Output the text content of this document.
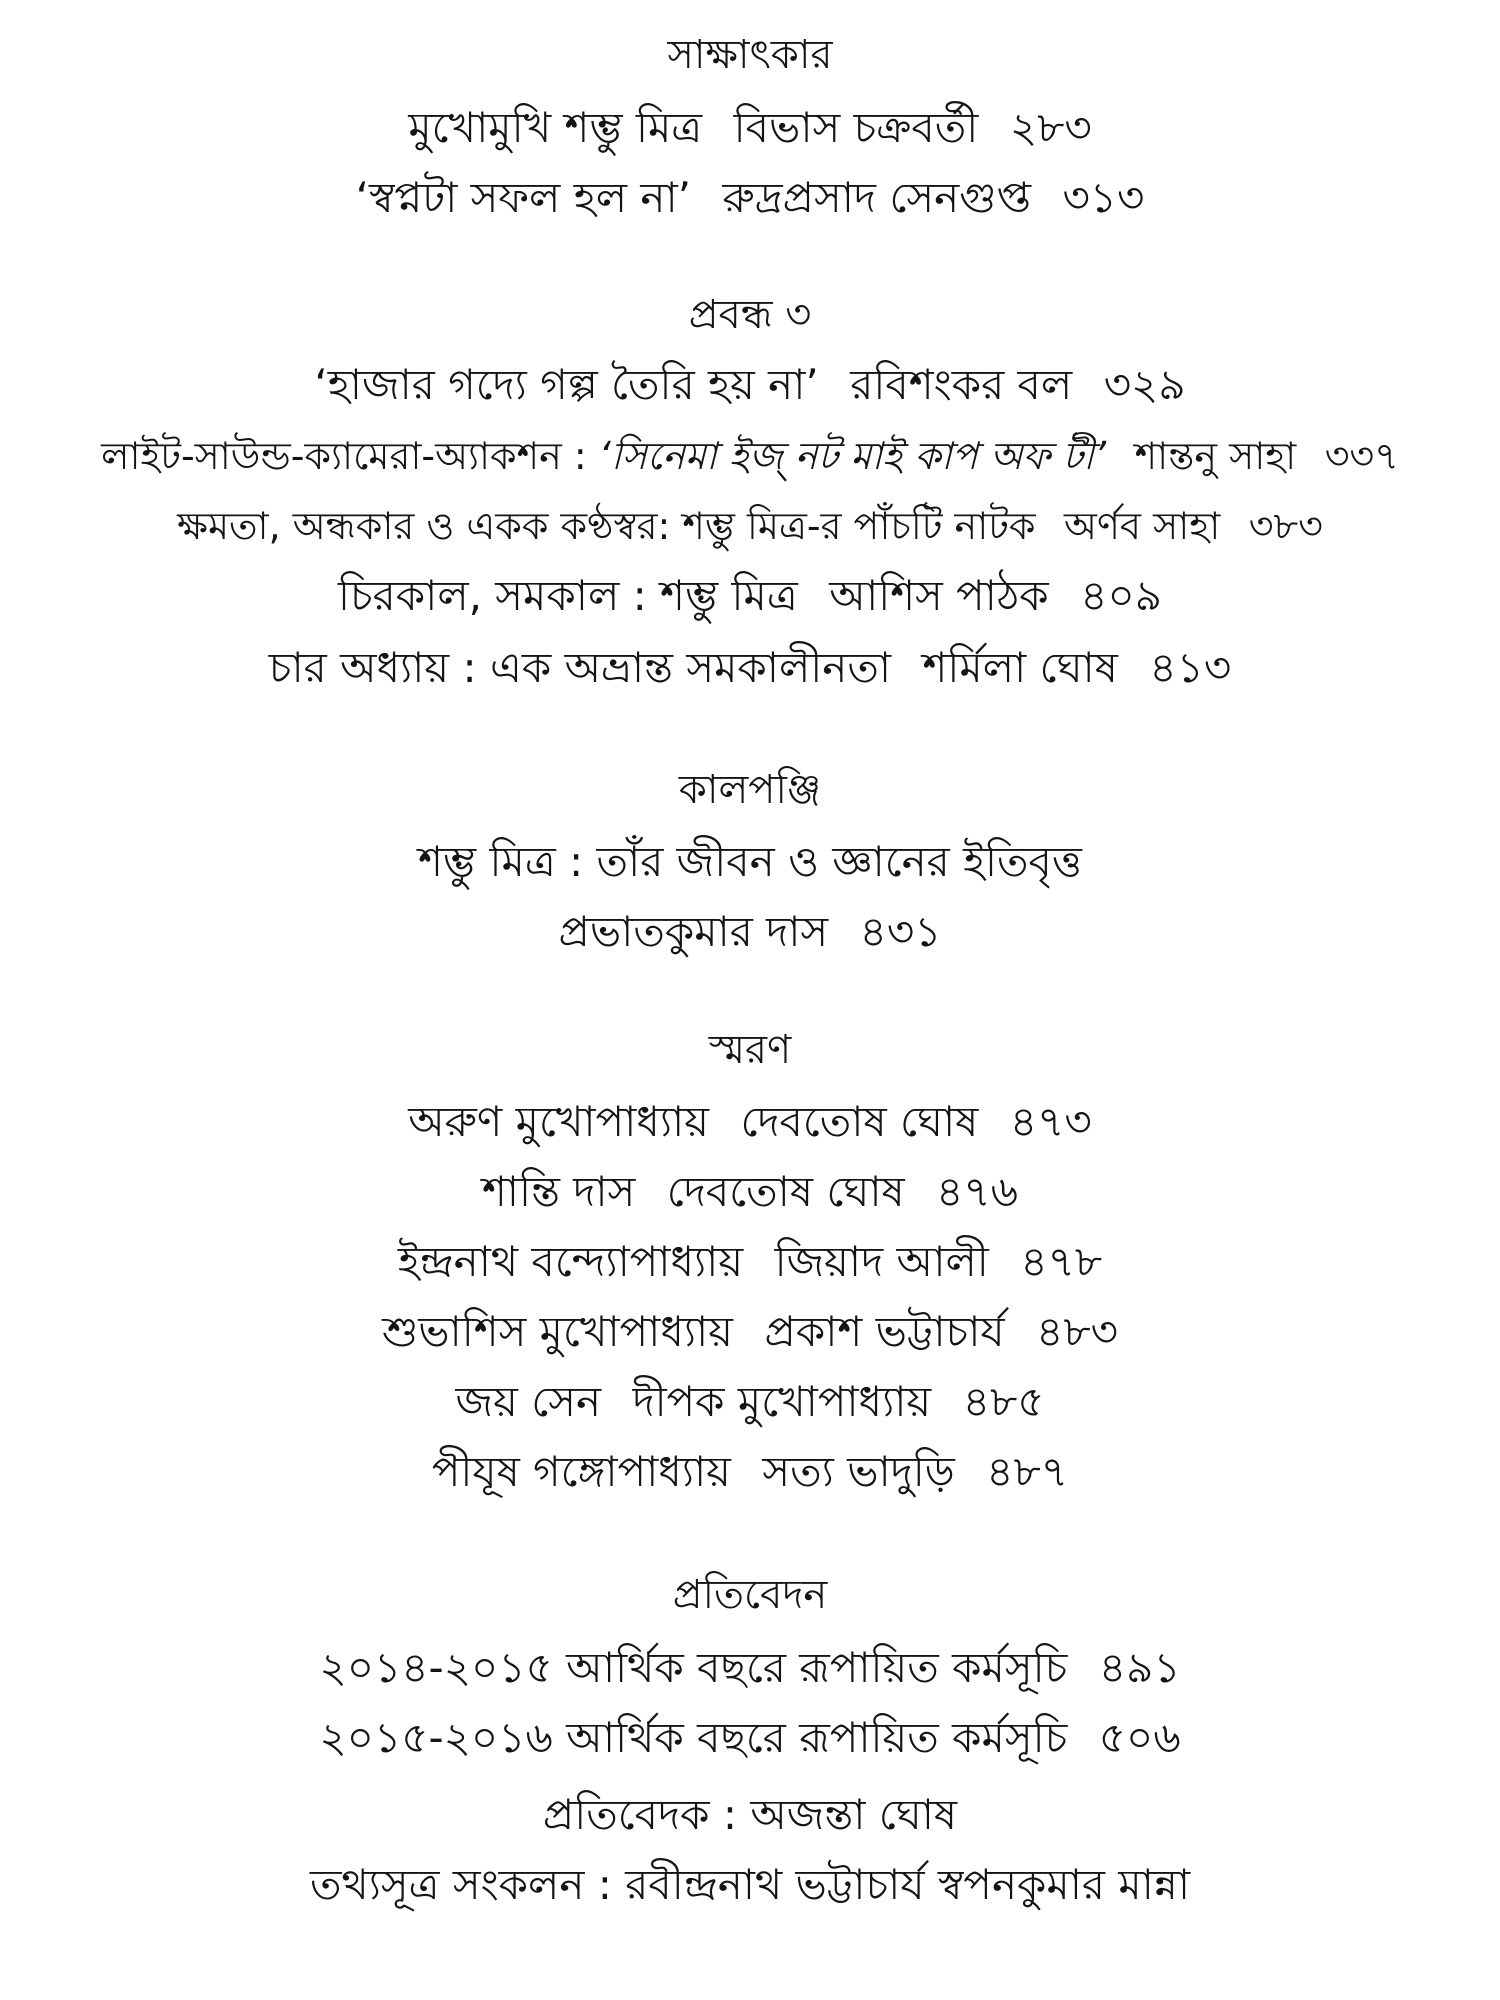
সাক্ষাৎকার
মুখোমুখি শম্ভু মিত্র বিভাস চক্রবর্তী ২৮৩
‘স্বপ্নটা সফল হল না’ রুদ্রপ্রসাদ সেনগুপ্ত ৩১৩
প্রবন্ধ ৩
‘হাজার গদ্যে গল্প তৈরি হয় না’ রবিশংকর বল ৩২৯
লাইট-সাউন্ড-ক্যামেরা-অ্যাকশন : ‘সিনেমা ইজ্ নট মাই কাপ অফ টী’ শান্তনু সাহা ৩৩৭
ক্ষমতা, অন্ধকার ও একক কণ্ঠস্বর: শম্ভু মিত্র-র পাঁচটি নাটক অর্ণব সাহা ৩৮৩
চিরকাল, সমকাল : শম্ভু মিত্র আশিস পাঠক ৪০৯
চার অধ্যায় : এক অভ্রান্ত সমকালীনতা শর্মিলা ঘোষ ৪১৩
কালপঞ্জি
শম্ভু মিত্র : তাঁর জীবন ও জ্ঞানের ইতিবৃত্ত
প্রভাতকুমার দাস ৪৩১
স্মরণ
অরুণ মুখোপাধ্যায় দেবতোষ ঘোষ ৪৭৩
শান্তি দাস দেবতোষ ঘোষ ৪৭৬
ইন্দ্রনাথ বন্দ্যোপাধ্যায় জিয়াদ আলী ৪৭৮
শুভাশিস মুখোপাধ্যায় প্রকাশ ভট্টাচার্য ৪৮৩
জয় সেন দীপক মুখোপাধ্যায় ৪৮৫
পীযূষ গঙ্গোপাধ্যায় সত্য ভাদুড়ি ৪৮৭
প্রতিবেদন
২০১৪-২০১৫ আর্থিক বছরে রূপায়িত কর্মসূচি ৪৯১
২০১৫-২০১৬ আর্থিক বছরে রূপায়িত কর্মসূচি ৫০৬
প্রতিবেদক : অজন্তা ঘোষ
তথ্যসূত্র সংকলন : রবীন্দ্রনাথ ভট্টাচার্য স্বপনকুমার মান্না
